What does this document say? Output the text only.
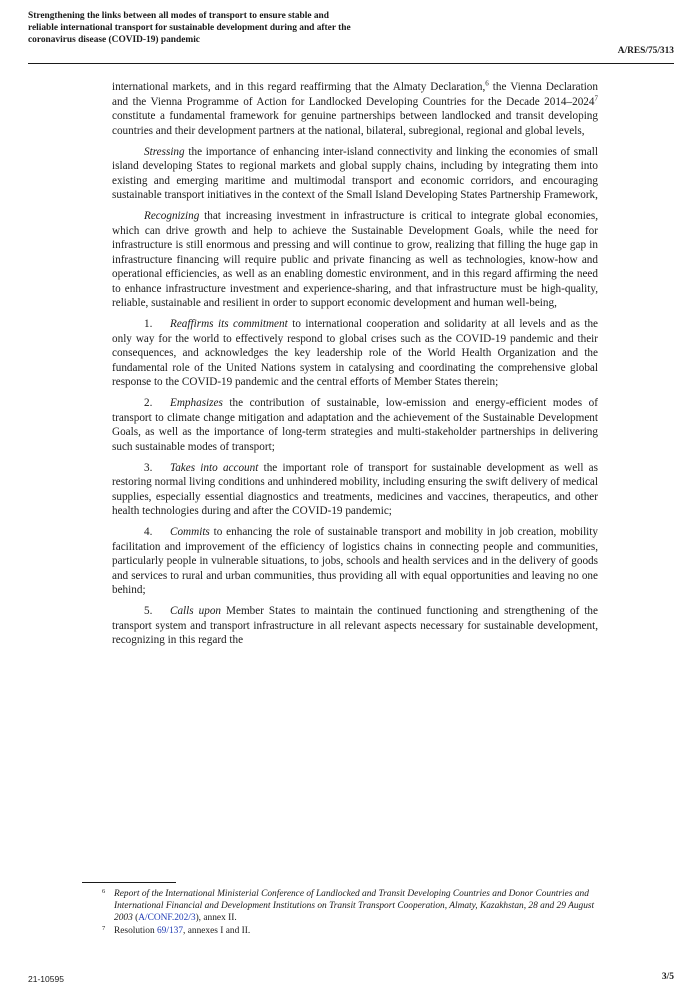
Strengthening the links between all modes of transport to ensure stable and reliable international transport for sustainable development during and after the coronavirus disease (COVID-19) pandemic
A/RES/75/313

international markets, and in this regard reaffirming that the Almaty Declaration,$^6$ the Vienna Declaration and the Vienna Programme of Action for Landlocked Developing Countries for the Decade 2014–2024$^7$ constitute a fundamental framework for genuine partnerships between landlocked and transit developing countries and their development partners at the national, bilateral, subregional, regional and global levels,

Stressing the importance of enhancing inter-island connectivity and linking the economies of small island developing States to regional markets and global supply chains, including by integrating them into existing and emerging maritime and multimodal transport and economic corridors, and encouraging sustainable transport initiatives in the context of the Small Island Developing States Partnership Framework,

Recognizing that increasing investment in infrastructure is critical to integrate global economies, which can drive growth and help to achieve the Sustainable Development Goals, while the need for infrastructure is still enormous and pressing and will continue to grow, realizing that filling the huge gap in infrastructure financing will require public and private financing as well as technologies, know-how and operational efficiencies, as well as an enabling domestic environment, and in this regard affirming the need to enhance infrastructure investment and experience-sharing, and that infrastructure must be high-quality, reliable, sustainable and resilient in order to support economic development and human well-being,

1. Reaffirms its commitment to international cooperation and solidarity at all levels and as the only way for the world to effectively respond to global crises such as the COVID-19 pandemic and their consequences, and acknowledges the key leadership role of the World Health Organization and the fundamental role of the United Nations system in catalysing and coordinating the comprehensive global response to the COVID-19 pandemic and the central efforts of Member States therein;

2. Emphasizes the contribution of sustainable, low-emission and energy-efficient modes of transport to climate change mitigation and adaptation and the achievement of the Sustainable Development Goals, as well as the importance of long-term strategies and multi-stakeholder partnerships in delivering such sustainable modes of transport;

3. Takes into account the important role of transport for sustainable development as well as restoring normal living conditions and unhindered mobility, including ensuring the swift delivery of medical supplies, especially essential diagnostics and treatments, medicines and vaccines, therapeutics, and other health technologies during and after the COVID-19 pandemic;

4. Commits to enhancing the role of sustainable transport and mobility in job creation, mobility facilitation and improvement of the efficiency of logistics chains in connecting people and communities, particularly people in vulnerable situations, to jobs, schools and health services and in the delivery of goods and services to rural and urban communities, thus providing all with equal opportunities and leaving no one behind;

5. Calls upon Member States to maintain the continued functioning and strengthening of the transport system and transport infrastructure in all relevant aspects necessary for sustainable development, recognizing in this regard the

6 Report of the International Ministerial Conference of Landlocked and Transit Developing Countries and Donor Countries and International Financial and Development Institutions on Transit Transport Cooperation, Almaty, Kazakhstan, 28 and 29 August 2003 (A/CONF.202/3), annex II.

7 Resolution 69/137, annexes I and II.

21-10595	3/5
